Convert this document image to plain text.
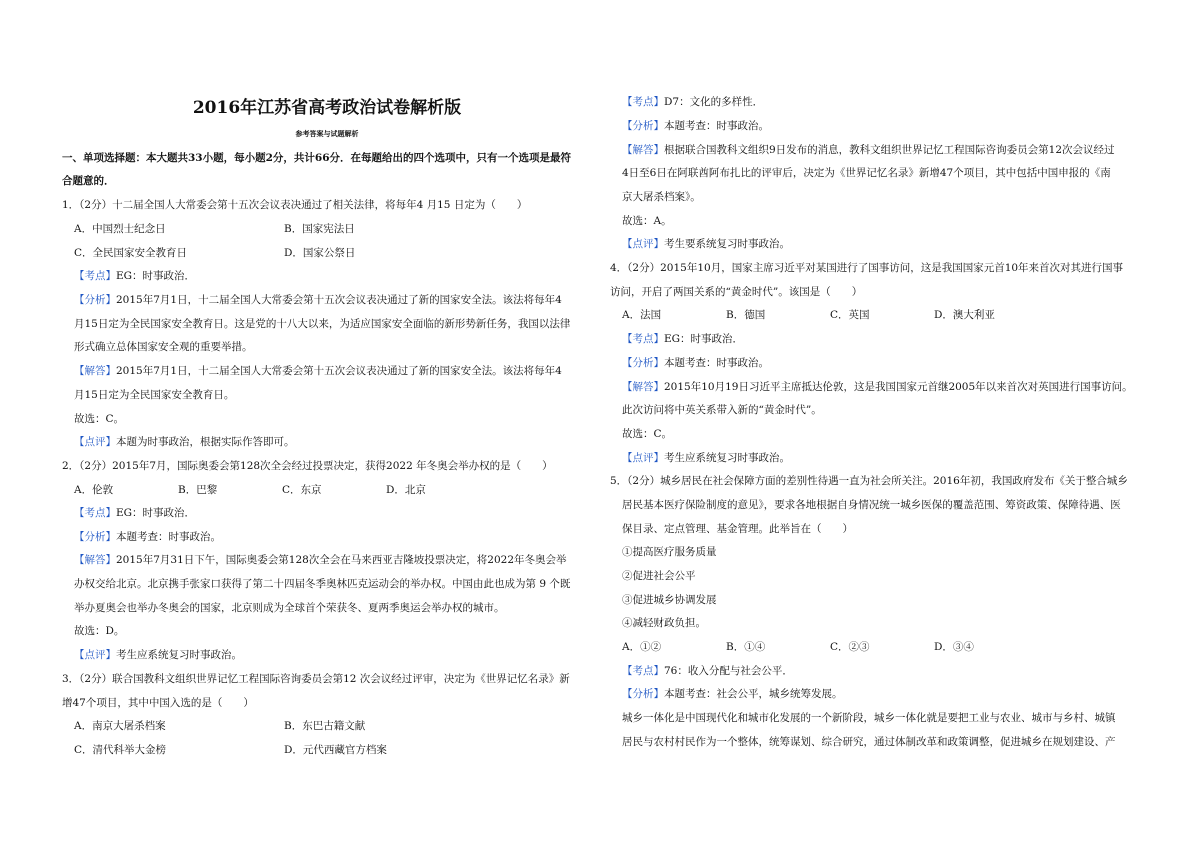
2016年江苏省高考政治试卷解析版
参考答案与试题解析
一、单项选择题：本大题共33小题，每小题2分，共计66分．在每题给出的四个选项中，只有一个选项是最符
合题意的．
1．（2分）十二届全国人大常委会第十五次会议表决通过了相关法律，将每年4 月15 日定为（　　）
A．中国烈士纪念日	B．国家宪法日
C．全民国家安全教育日	D．国家公祭日
【考点】EG：时事政治．
【分析】2015年7月1日，十二届全国人大常委会第十五次会议表决通过了新的国家安全法。该法将每年4
月15日定为全民国家安全教育日。这是党的十八大以来，为适应国家安全面临的新形势新任务，我国以法律
形式确立总体国家安全观的重要举措。
【解答】2015年7月1日，十二届全国人大常委会第十五次会议表决通过了新的国家安全法。该法将每年4
月15日定为全民国家安全教育日。
故选：C。
【点评】本题为时事政治，根据实际作答即可。
2．（2分）2015年7月，国际奥委会第128次全会经过投票决定，获得2022 年冬奥会举办权的是（　　）
A．伦敦	B．巴黎	C．东京	D．北京
【考点】EG：时事政治．
【分析】本题考查：时事政治。
【解答】2015年7月31日下午，国际奥委会第128次全会在马来西亚吉隆坡投票决定，将2022年冬奥会举
办权交给北京。北京携手张家口获得了第二十四届冬季奥林匹克运动会的举办权。中国由此也成为第 9 个既
举办夏奥会也举办冬奥会的国家，北京则成为全球首个荣获冬、夏两季奥运会举办权的城市。
故选：D。
【点评】考生应系统复习时事政治。
3．（2分）联合国教科文组织世界记忆工程国际咨询委员会第12 次会议经过评审，决定为《世界记忆名录》新
增47个项目，其中中国入选的是（　　）
A．南京大屠杀档案	B．东巴古籍文献
C．清代科举大金榜	D．元代西藏官方档案
【考点】D7：文化的多样性．
【分析】本题考查：时事政治。
【解答】根据联合国教科文组织9日发布的消息，教科文组织世界记忆工程国际咨询委员会第12次会议经过
4日至6日在阿联酋阿布扎比的评审后，决定为《世界记忆名录》新增47个项目，其中包括中国申报的《南
京大屠杀档案》。
故选：A。
【点评】考生要系统复习时事政治。
4．（2分）2015年10月，国家主席习近平对某国进行了国事访问，这是我国国家元首10年来首次对其进行国事
访问，开启了两国关系的“黄金时代”。该国是（　　）
A．法国	B．德国	C．英国	D．澳大利亚
【考点】EG：时事政治．
【分析】本题考查：时事政治。
【解答】2015年10月19日习近平主席抵达伦敦，这是我国国家元首继2005年以来首次对英国进行国事访问。
此次访问将中英关系带入新的“黄金时代”。
故选：C。
【点评】考生应系统复习时事政治。
5．（2分）城乡居民在社会保障方面的差别性待遇一直为社会所关注。2016年初，我国政府发布《关于整合城乡
居民基本医疗保险制度的意见》，要求各地根据自身情况统一城乡医保的覆盖范围、筹资政策、保障待遇、医
保目录、定点管理、基金管理。此举旨在（　　）
①提高医疗服务质量
②促进社会公平
③促进城乡协调发展
④减轻财政负担。
A．①②	B．①④	C．②③	D．③④
【考点】76：收入分配与社会公平．
【分析】本题考查：社会公平，城乡统筹发展。
城乡一体化是中国现代化和城市化发展的一个新阶段，城乡一体化就是要把工业与农业、城市与乡村、城镇
居民与农村村民作为一个整体，统筹谋划、综合研究，通过体制改革和政策调整，促进城乡在规划建设、产
